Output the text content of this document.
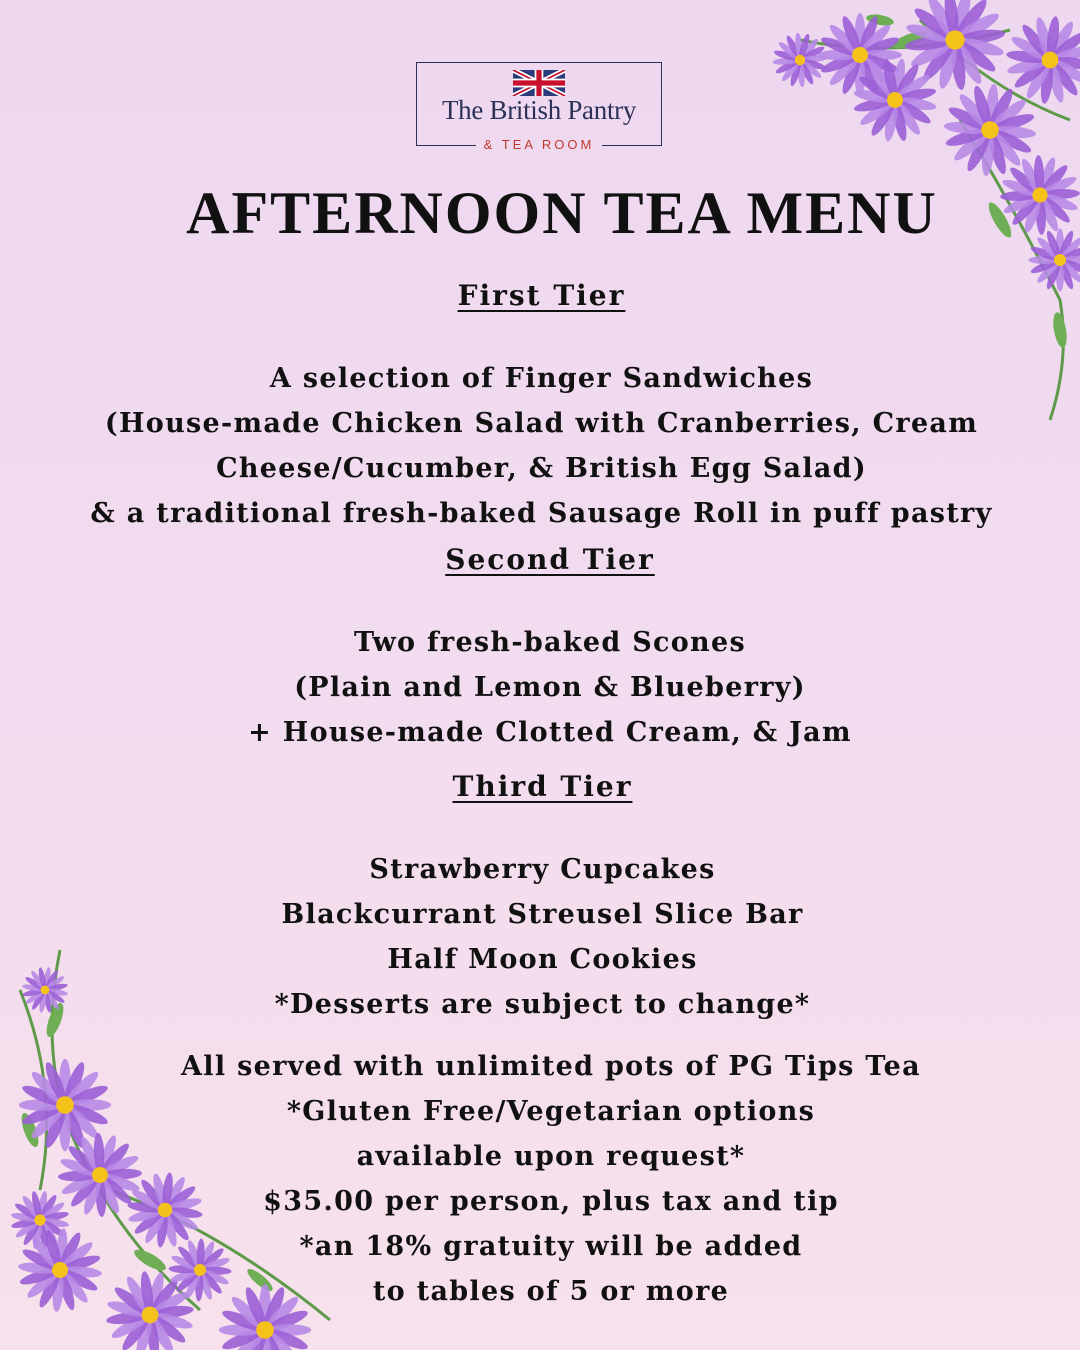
The British Pantry
& TEA ROOM
AFTERNOON TEA MENU
First Tier
A selection of Finger Sandwiches
(House-made Chicken Salad with Cranberries, Cream
Cheese/Cucumber, & British Egg Salad)
& a traditional fresh-baked Sausage Roll in puff pastry
Second Tier
Two fresh-baked Scones
(Plain and Lemon & Blueberry)
+ House-made Clotted Cream, & Jam
Third Tier
Strawberry Cupcakes
Blackcurrant Streusel Slice Bar
Half Moon Cookies
*Desserts are subject to change*
All served with unlimited pots of PG Tips Tea
*Gluten Free/Vegetarian options
available upon request*
$35.00 per person, plus tax and tip
*an 18% gratuity will be added
to tables of 5 or more
